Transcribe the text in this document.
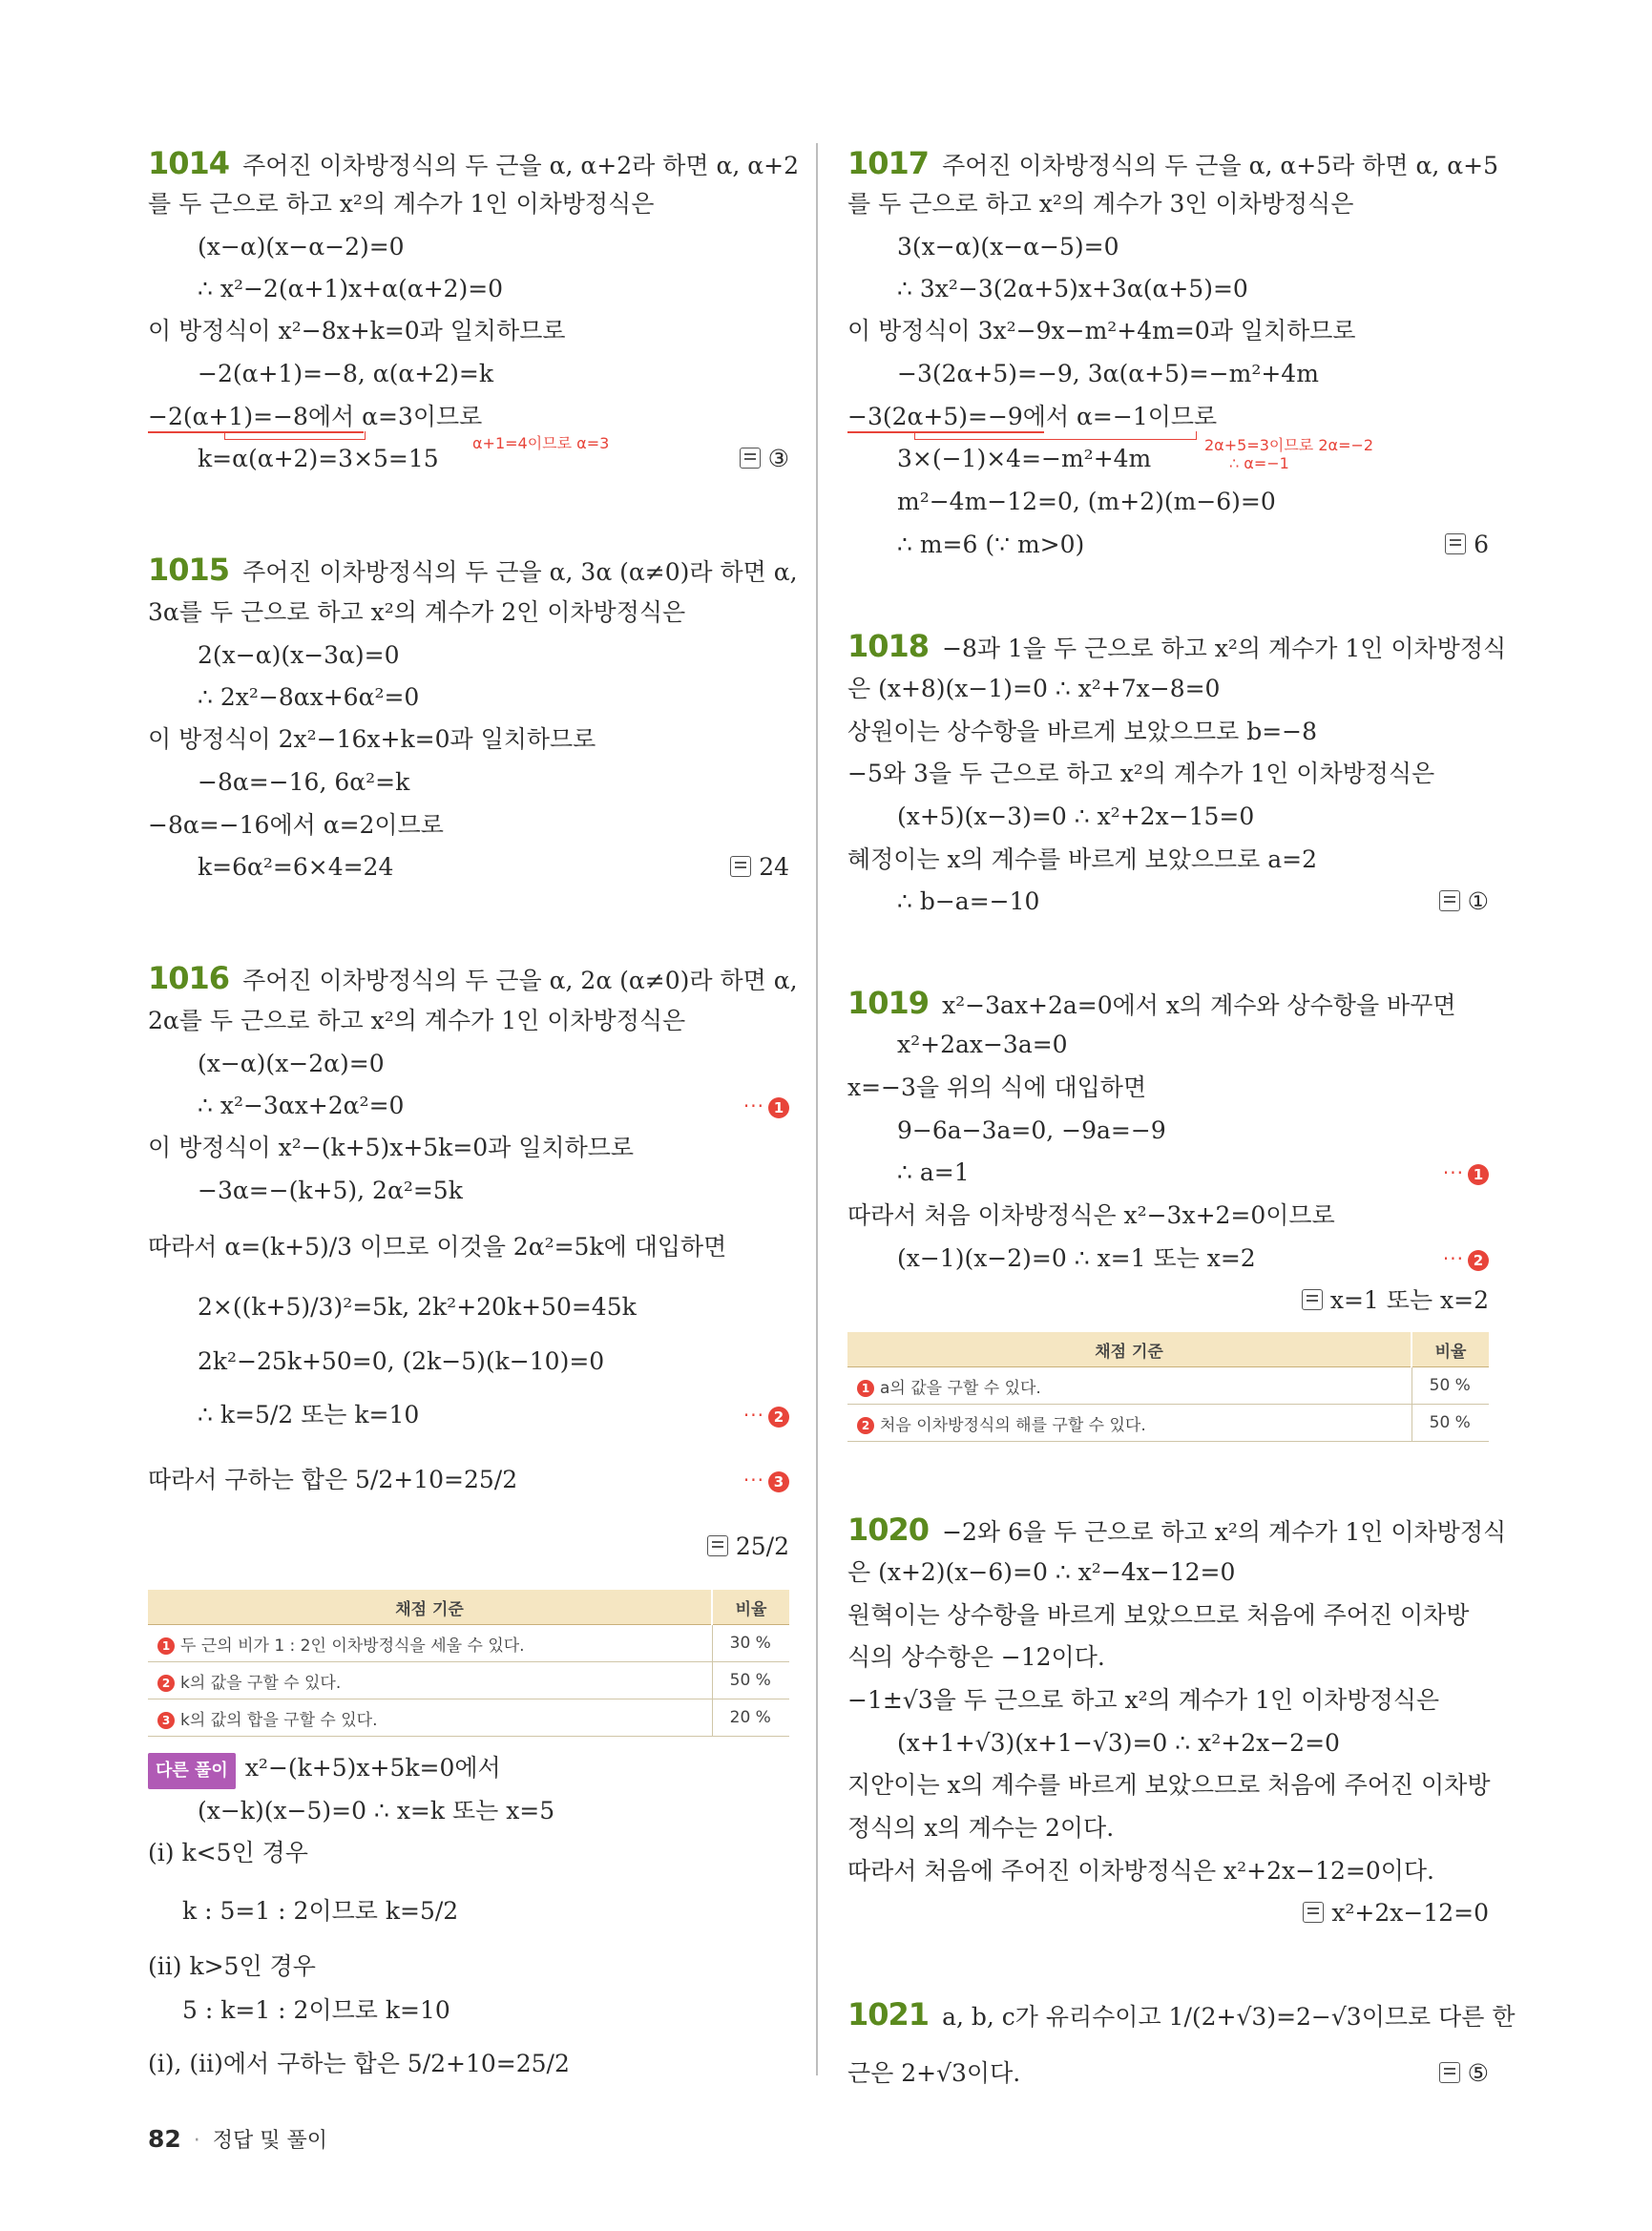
1014 주어진 이차방정식의 두 근을 α, α+2라 하면 α, α+2
를 두 근으로 하고 x²의 계수가 1인 이차방정식은
(x−α)(x−α−2)=0
∴ x²−2(α+1)x+α(α+2)=0
이 방정식이 x²−8x+k=0과 일치하므로
−2(α+1)=−8, α(α+2)=k
−2(α+1)=−8에서 α=3이므로
α+1=4이므로 α=3
k=α(α+2)=3×5=15	③
1015 주어진 이차방정식의 두 근을 α, 3α (α≠0)라 하면 α,
3α를 두 근으로 하고 x²의 계수가 2인 이차방정식은
2(x−α)(x−3α)=0
∴ 2x²−8αx+6α²=0
이 방정식이 2x²−16x+k=0과 일치하므로
−8α=−16, 6α²=k
−8α=−16에서 α=2이므로
k=6α²=6×4=24	24
1016 주어진 이차방정식의 두 근을 α, 2α (α≠0)라 하면 α,
2α를 두 근으로 하고 x²의 계수가 1인 이차방정식은
(x−α)(x−2α)=0
∴ x²−3αx+2α²=0	··· 1
이 방정식이 x²−(k+5)x+5k=0과 일치하므로
−3α=−(k+5), 2α²=5k
따라서 α=(k+5)/3 이므로 이것을 2α²=5k에 대입하면
2×((k+5)/3)²=5k, 2k²+20k+50=45k
2k²−25k+50=0, (2k−5)(k−10)=0
∴ k=5/2 또는 k=10	··· 2
따라서 구하는 합은 5/2+10=25/2	··· 3
25/2
채점 기준	비율
1 두 근의 비가 1 : 2인 이차방정식을 세울 수 있다.	30 %
2 k의 값을 구할 수 있다.	50 %
3 k의 값의 합을 구할 수 있다.	20 %
다른 풀이 x²−(k+5)x+5k=0에서
(x−k)(x−5)=0 ∴ x=k 또는 x=5
(i) k<5인 경우
k : 5=1 : 2이므로 k=5/2
(ii) k>5인 경우
5 : k=1 : 2이므로 k=10
(i), (ii)에서 구하는 합은 5/2+10=25/2
1017 주어진 이차방정식의 두 근을 α, α+5라 하면 α, α+5
를 두 근으로 하고 x²의 계수가 3인 이차방정식은
3(x−α)(x−α−5)=0
∴ 3x²−3(2α+5)x+3α(α+5)=0
이 방정식이 3x²−9x−m²+4m=0과 일치하므로
−3(2α+5)=−9, 3α(α+5)=−m²+4m
−3(2α+5)=−9에서 α=−1이므로
2α+5=3이므로 2α=−2
∴ α=−1
3×(−1)×4=−m²+4m
m²−4m−12=0, (m+2)(m−6)=0
∴ m=6 (∵ m>0)	6
1018 −8과 1을 두 근으로 하고 x²의 계수가 1인 이차방정식
은 (x+8)(x−1)=0 ∴ x²+7x−8=0
상원이는 상수항을 바르게 보았으므로 b=−8
−5와 3을 두 근으로 하고 x²의 계수가 1인 이차방정식은
(x+5)(x−3)=0 ∴ x²+2x−15=0
혜정이는 x의 계수를 바르게 보았으므로 a=2
∴ b−a=−10	①
1019 x²−3ax+2a=0에서 x의 계수와 상수항을 바꾸면
x²+2ax−3a=0
x=−3을 위의 식에 대입하면
9−6a−3a=0, −9a=−9
∴ a=1	··· 1
따라서 처음 이차방정식은 x²−3x+2=0이므로
(x−1)(x−2)=0 ∴ x=1 또는 x=2	··· 2
x=1 또는 x=2
채점 기준	비율
1 a의 값을 구할 수 있다.	50 %
2 처음 이차방정식의 해를 구할 수 있다.	50 %
1020 −2와 6을 두 근으로 하고 x²의 계수가 1인 이차방정식
은 (x+2)(x−6)=0 ∴ x²−4x−12=0
원혁이는 상수항을 바르게 보았으므로 처음에 주어진 이차방
식의 상수항은 −12이다.
−1±√3을 두 근으로 하고 x²의 계수가 1인 이차방정식은
(x+1+√3)(x+1−√3)=0 ∴ x²+2x−2=0
지안이는 x의 계수를 바르게 보았으므로 처음에 주어진 이차방
정식의 x의 계수는 2이다.
따라서 처음에 주어진 이차방정식은 x²+2x−12=0이다.
x²+2x−12=0
1021 a, b, c가 유리수이고 1/(2+√3)=2−√3이므로 다른 한
근은 2+√3이다.	⑤
82 · 정답 및 풀이
